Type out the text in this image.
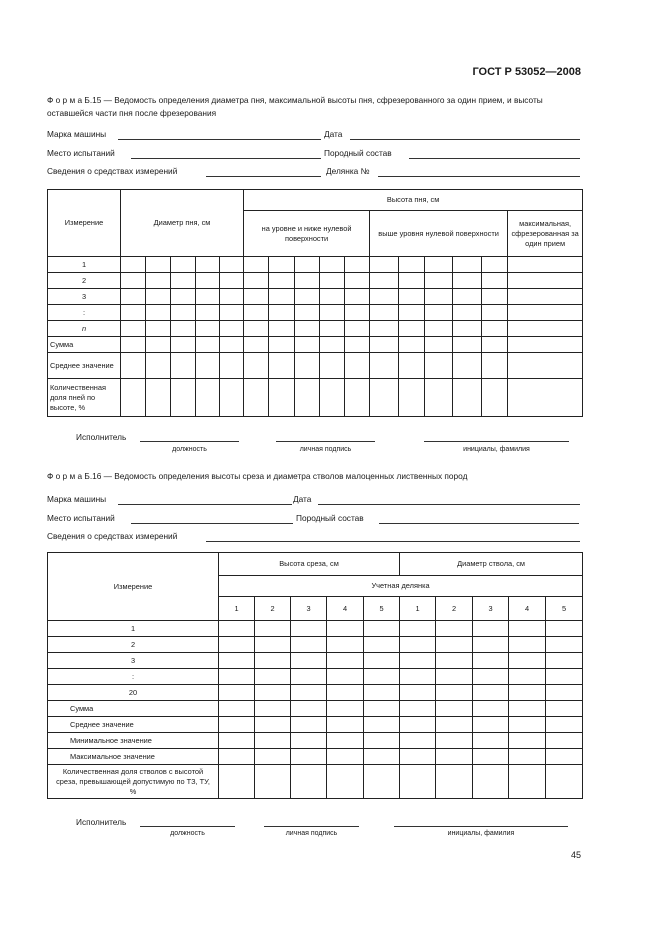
ГОСТ Р 53052—2008
Ф о р м а Б.15 — Ведомость определения диаметра пня, максимальной высоты пня, сфрезерованного за один прием, и высоты оставшейся части пня после фрезерования
Марка машины	Дата
Место испытаний	Породный состав
Сведения о средствах измерений	Делянка №
Измерение	Диаметр пня, см					Высота пня, см										
						на уровне и ниже нулевой поверхности					выше уровня нулевой поверхности					максимальная, сфрезерованная за один прием
1																
2																
3																
:																
n																
Сумма																
Среднее значение																
Количественная доля пней по высоте, %																
Исполнитель
должность	личная подпись	инициалы, фамилия
Ф о р м а Б.16 — Ведомость определения высоты среза и диаметра стволов малоценных лиственных пород
Марка машины	Дата
Место испытаний	Породный состав
Сведения о средствах измерений
Измерение	Высота среза, см					Диаметр ствола, см				
	Учетная делянка									
	1	2	3	4	5	1	2	3	4	5
1										
2										
3										
:										
20										
Сумма										
Среднее значение										
Минимальное значение										
Максимальное значение										
Количественная доля стволов с высотой среза, превышающей допустимую по ТЗ, ТУ, %										
Исполнитель
должность	личная подпись	инициалы, фамилия
45
